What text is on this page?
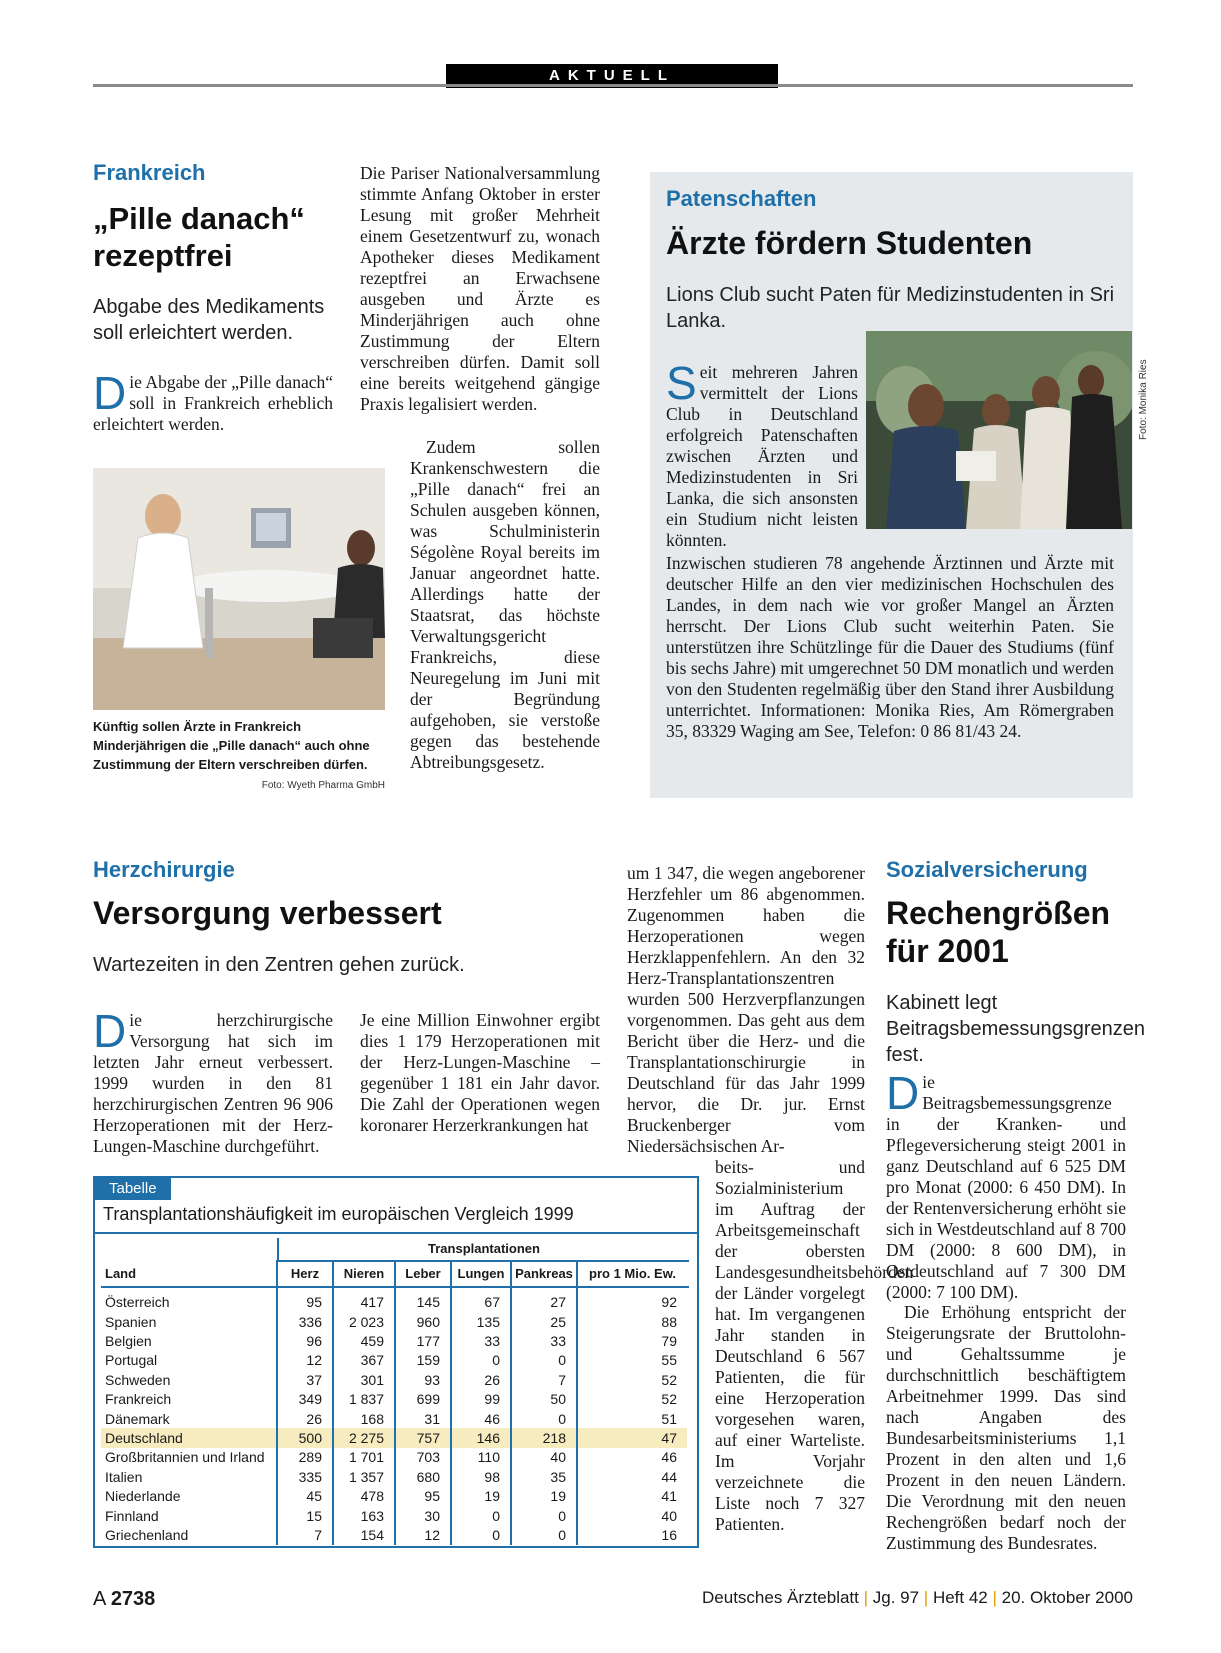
AKTUELL
Frankreich
„Pille danach“
rezeptfrei
Abgabe des Medikaments soll erleichtert werden.
Die Abgabe der „Pille danach“ soll in Frankreich erheblich erleichtert werden.
Künftig sollen Ärzte in Frankreich Minderjährigen die „Pille danach“ auch ohne Zustimmung der Eltern verschreiben dürfen.
Foto: Wyeth Pharma GmbH
Die Pariser Nationalversammlung stimmte Anfang Oktober in erster Lesung mit großer Mehrheit einem Gesetzentwurf zu, wonach Apotheker dieses Medikament rezeptfrei an Erwachsene ausgeben und Ärzte es Minderjährigen auch ohne Zustimmung der Eltern verschreiben dürfen. Damit soll eine bereits weitgehend gängige Praxis legalisiert werden.
Zudem sollen Krankenschwestern die „Pille danach“ frei an Schulen ausgeben können, was Schulministerin Ségolène Royal bereits im Januar angeordnet hatte. Allerdings hatte der Staatsrat, das höchste Verwaltungsgericht Frankreichs, diese Neuregelung im Juni mit der Begründung aufgehoben, sie verstoße gegen das bestehende Abtreibungsgesetz.
Patenschaften
Ärzte fördern Studenten
Lions Club sucht Paten für Medizinstudenten in Sri Lanka.
Foto: Monika Ries
Seit mehreren Jahren vermittelt der Lions Club in Deutschland erfolgreich Patenschaften zwischen Ärzten und Medizinstudenten in Sri Lanka, die sich ansonsten ein Studium nicht leisten könnten.
Inzwischen studieren 78 angehende Ärztinnen und Ärzte mit deutscher Hilfe an den vier medizinischen Hochschulen des Landes, in dem nach wie vor großer Mangel an Ärzten herrscht. Der Lions Club sucht weiterhin Paten. Sie unterstützen ihre Schützlinge für die Dauer des Studiums (fünf bis sechs Jahre) mit umgerechnet 50 DM monatlich und werden von den Studenten regelmäßig über den Stand ihrer Ausbildung unterrichtet. Informationen: Monika Ries, Am Römergraben 35, 83329 Waging am See, Telefon: 0 86 81/43 24.
Herzchirurgie
Versorgung verbessert
Wartezeiten in den Zentren gehen zurück.
Die herzchirurgische Versorgung hat sich im letzten Jahr erneut verbessert. 1999 wurden in den 81 herzchirurgischen Zentren 96 906 Herzoperationen mit der Herz-Lungen-Maschine durchgeführt.
Je eine Million Einwohner ergibt dies 1 179 Herzoperationen mit der Herz-Lungen-Maschine – gegenüber 1 181 ein Jahr davor. Die Zahl der Operationen wegen koronarer Herzerkrankungen hat
um 1 347, die wegen angeborener Herzfehler um 86 abgenommen. Zugenommen haben die Herzoperationen wegen Herzklappenfehlern. An den 32 Herz-Transplantationszentren wurden 500 Herzverpflanzungen vorgenommen. Das geht aus dem Bericht über die Herz- und die Transplantationschirurgie in Deutschland für das Jahr 1999 hervor, die Dr. jur. Ernst Bruckenberger vom Niedersächsischen Ar-
beits- und Sozialministerium im Auftrag der Arbeitsgemeinschaft der obersten Landesgesundheitsbehörden der Länder vorgelegt hat. Im vergangenen Jahr standen in Deutschland 6 567 Patienten, die für eine Herzoperation vorgesehen waren, auf einer Warteliste. Im Vorjahr verzeichnete die Liste noch 7 327 Patienten.
Tabelle
Transplantationshäufigkeit im europäischen Vergleich 1999
Transplantationen
Land	Herz	Nieren	Leber	Lungen	Pankreas	pro 1 Mio. Ew.
Österreich	95	417	145	67	27	92
Spanien	336	2 023	960	135	25	88
Belgien	96	459	177	33	33	79
Portugal	12	367	159	0	0	55
Schweden	37	301	93	26	7	52
Frankreich	349	1 837	699	99	50	52
Dänemark	26	168	31	46	0	51
Deutschland	500	2 275	757	146	218	47
Großbritannien und Irland	289	1 701	703	110	40	46
Italien	335	1 357	680	98	35	44
Niederlande	45	478	95	19	19	41
Finnland	15	163	30	0	0	40
Griechenland	7	154	12	0	0	16
Sozialversicherung
Rechengrößen
für 2001
Kabinett legt Beitragsbemessungsgrenzen fest.
Die Beitragsbemessungsgrenze in der Kranken- und Pflegeversicherung steigt 2001 in ganz Deutschland auf 6 525 DM pro Monat (2000: 6 450 DM). In der Rentenversicherung erhöht sie sich in Westdeutschland auf 8 700 DM (2000: 8 600 DM), in Ostdeutschland auf 7 300 DM (2000: 7 100 DM).
Die Erhöhung entspricht der Steigerungsrate der Bruttolohn- und Gehaltssumme je durchschnittlich beschäftigtem Arbeitnehmer 1999. Das sind nach Angaben des Bundesarbeitsministeriums 1,1 Prozent in den alten und 1,6 Prozent in den neuen Ländern. Die Verordnung mit den neuen Rechengrößen bedarf noch der Zustimmung des Bundesrates.
A 2738	Deutsches Ärzteblatt | Jg. 97 | Heft 42 | 20. Oktober 2000
